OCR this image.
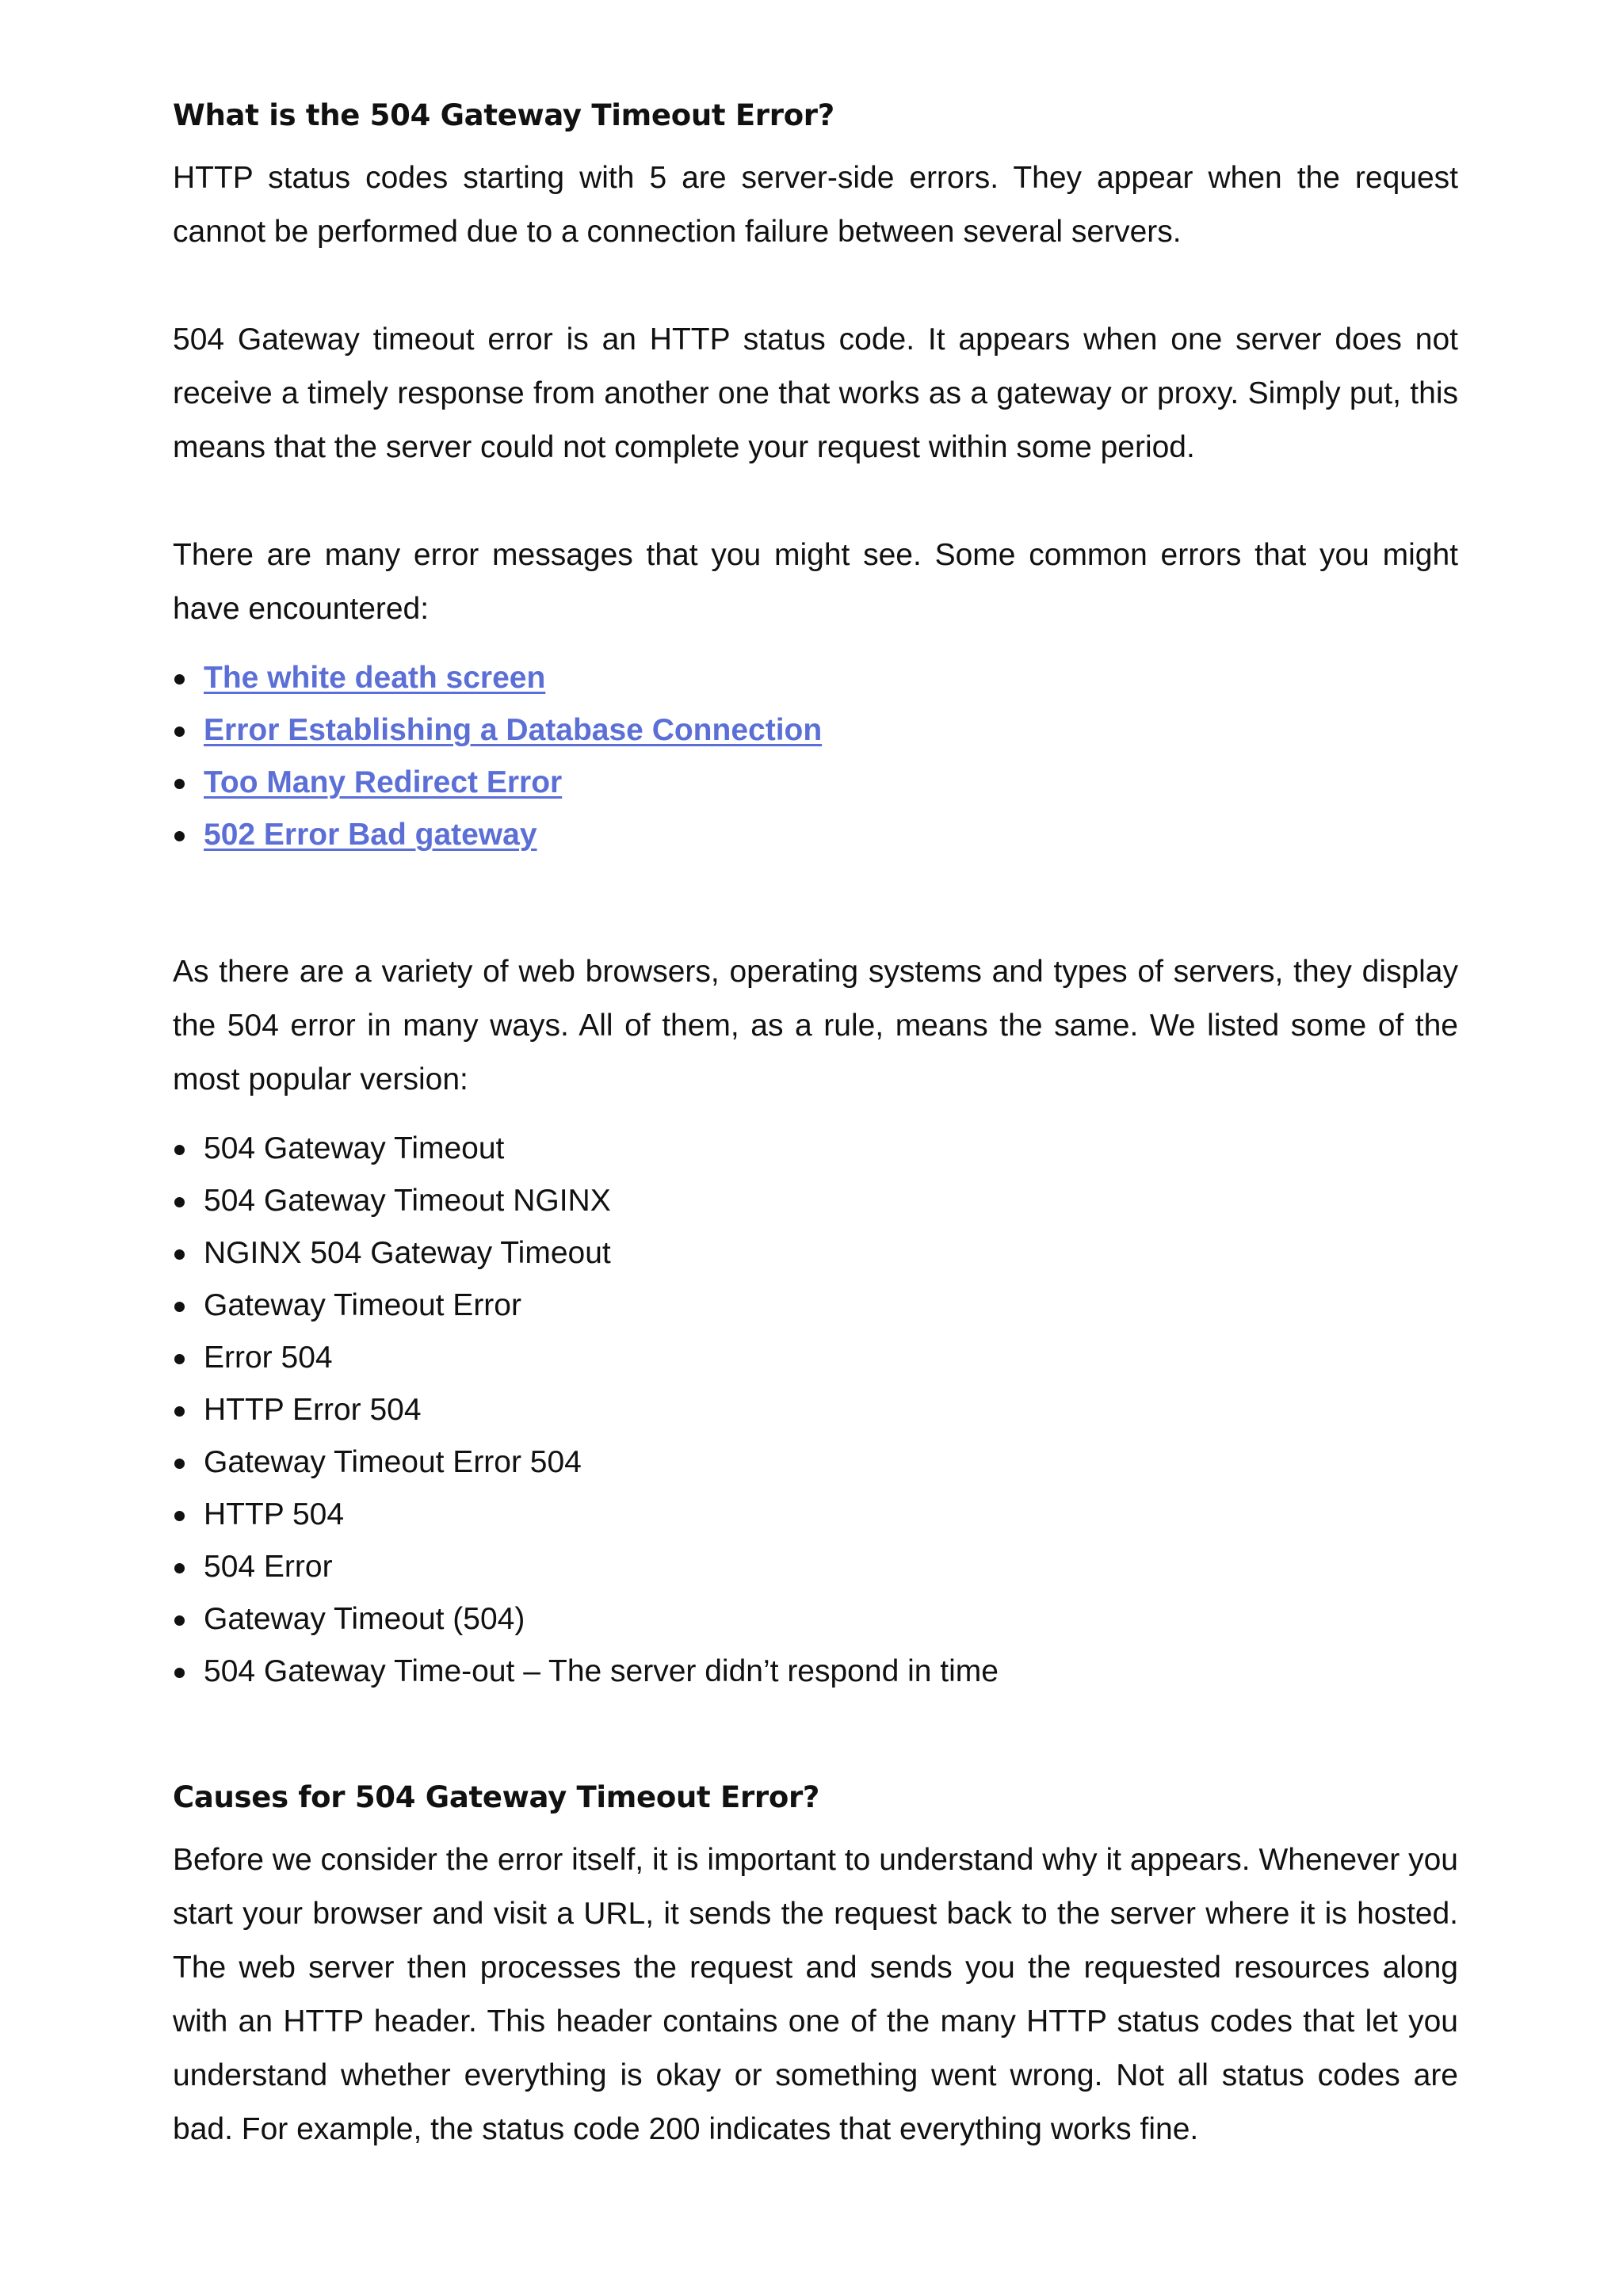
What is the 504 Gateway Timeout Error?

HTTP status codes starting with 5 are server-side errors. They appear when the request cannot be performed due to a connection failure between several servers.

504 Gateway timeout error is an HTTP status code. It appears when one server does not receive a timely response from another one that works as a gateway or proxy. Simply put, this means that the server could not complete your request within some period.

There are many error messages that you might see. Some common errors that you might have encountered:

The white death screen
Error Establishing a Database Connection
Too Many Redirect Error
502 Error Bad gateway

As there are a variety of web browsers, operating systems and types of servers, they display the 504 error in many ways. All of them, as a rule, means the same. We listed some of the most popular version:

504 Gateway Timeout
504 Gateway Timeout NGINX
NGINX 504 Gateway Timeout
Gateway Timeout Error
Error 504
HTTP Error 504
Gateway Timeout Error 504
HTTP 504
504 Error
Gateway Timeout (504)
504 Gateway Time-out – The server didn’t respond in time
Causes for 504 Gateway Timeout Error?

Before we consider the error itself, it is important to understand why it appears. Whenever you start your browser and visit a URL, it sends the request back to the server where it is hosted. The web server then processes the request and sends you the requested resources along with an HTTP header. This header contains one of the many HTTP status codes that let you understand whether everything is okay or something went wrong. Not all status codes are bad. For example, the status code 200 indicates that everything works fine.
